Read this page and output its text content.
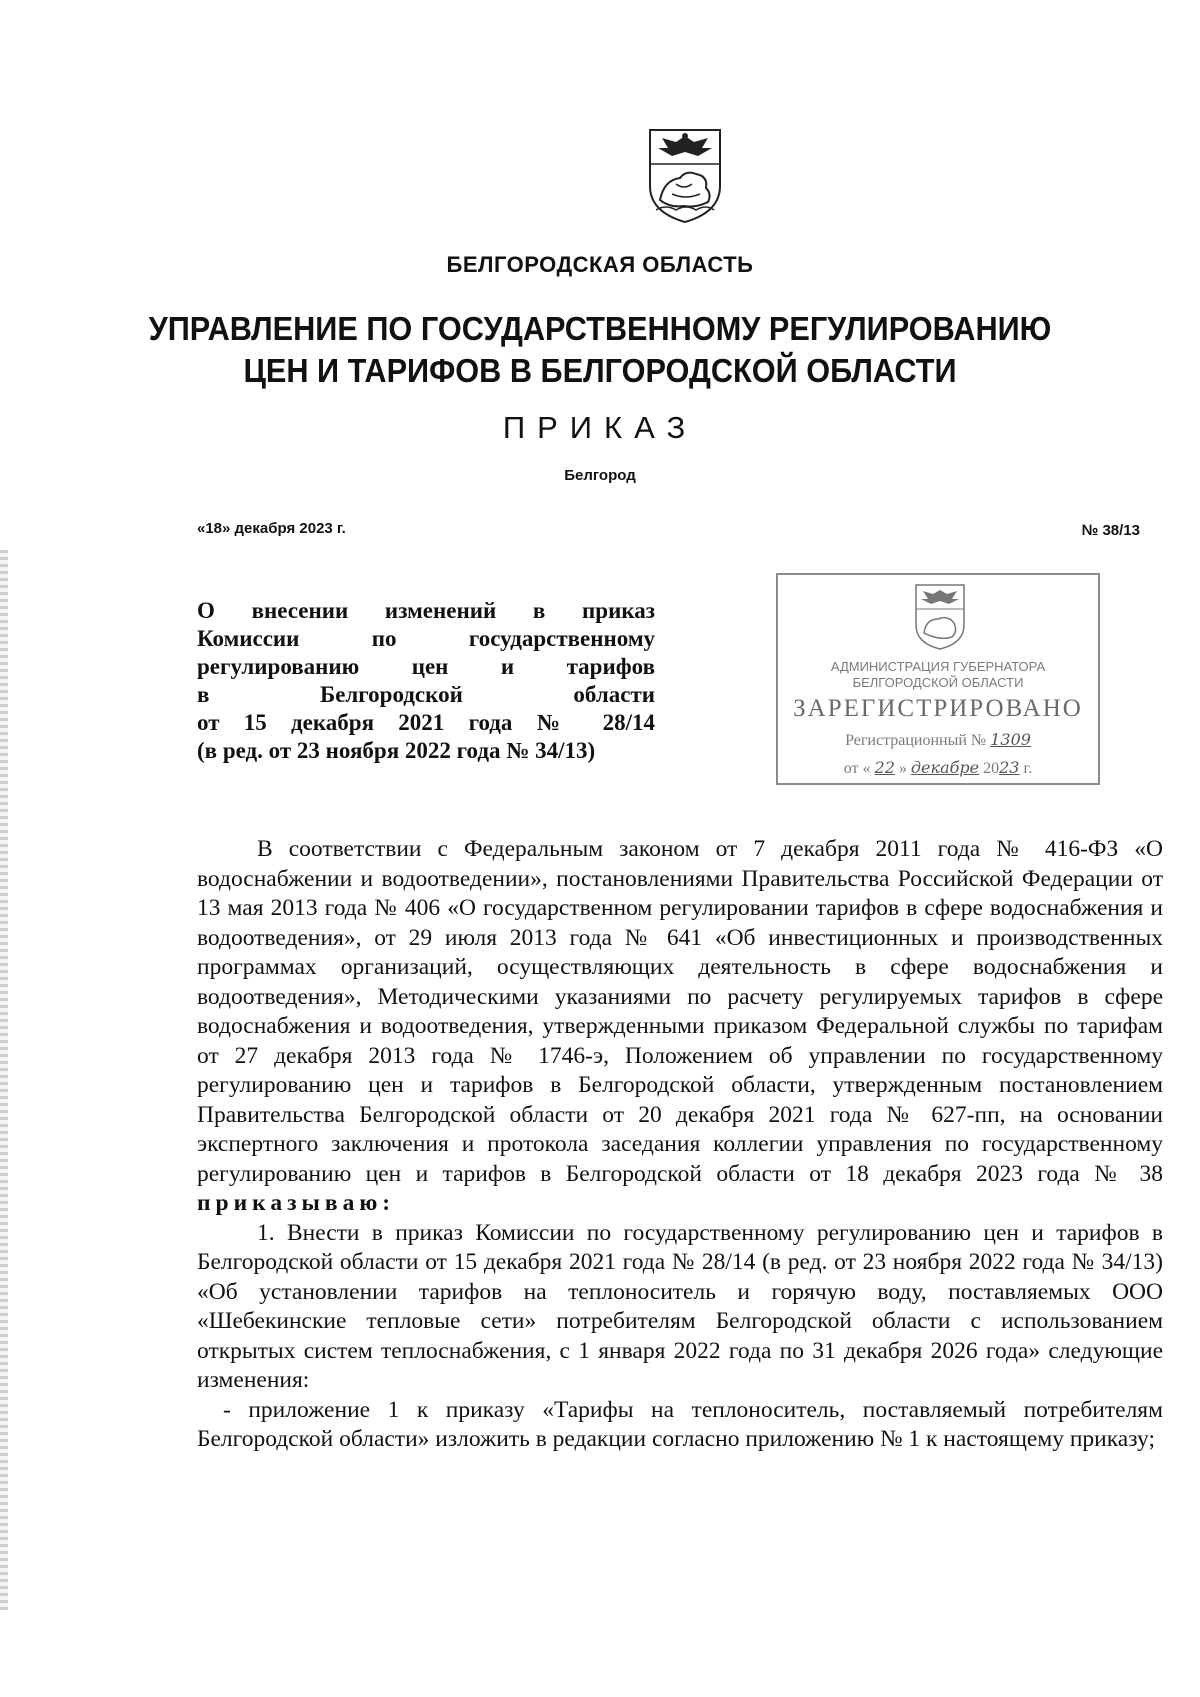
БЕЛГОРОДСКАЯ ОБЛАСТЬ
УПРАВЛЕНИЕ ПО ГОСУДАРСТВЕННОМУ РЕГУЛИРОВАНИЮ
ЦЕН И ТАРИФОВ В БЕЛГОРОДСКОЙ ОБЛАСТИ
ПРИКАЗ
Белгород
«18» декабря 2023 г.	№ 38/13
О внесении изменений в приказ
Комиссии по государственному
регулированию цен и тарифов
в Белгородской области
от 15 декабря 2021 года № 28/14
(в ред. от 23 ноября 2022 года № 34/13)
АДМИНИСТРАЦИЯ ГУБЕРНАТОРА
БЕЛГОРОДСКОЙ ОБЛАСТИ
ЗАРЕГИСТРИРОВАНО
Регистрационный № 1309
от « 22 » декабре 2023 г.

В соответствии с Федеральным законом от 7 декабря 2011 года № 416-ФЗ «О водоснабжении и водоотведении», постановлениями Правительства Российской Федерации от 13 мая 2013 года № 406 «О государственном регулировании тарифов в сфере водоснабжения и водоотведения», от 29 июля 2013 года № 641 «Об инвестиционных и производственных программах организаций, осуществляющих деятельность в сфере водоснабжения и водоотведения», Методическими указаниями по расчету регулируемых тарифов в сфере водоснабжения и водоотведения, утвержденными приказом Федеральной службы по тарифам от 27 декабря 2013 года № 1746-э, Положением об управлении по государственному регулированию цен и тарифов в Белгородской области, утвержденным постановлением Правительства Белгородской области от 20 декабря 2021 года № 627-пп, на основании экспертного заключения и протокола заседания коллегии управления по государственному регулированию цен и тарифов в Белгородской области от 18 декабря 2023 года № 38 приказываю:

1. Внести в приказ Комиссии по государственному регулированию цен и тарифов в Белгородской области от 15 декабря 2021 года № 28/14 (в ред. от 23 ноября 2022 года № 34/13) «Об установлении тарифов на теплоноситель и горячую воду, поставляемых ООО «Шебекинские тепловые сети» потребителям Белгородской области с использованием открытых систем теплоснабжения, с 1 января 2022 года по 31 декабря 2026 года» следующие изменения:

- приложение 1 к приказу «Тарифы на теплоноситель, поставляемый потребителям Белгородской области» изложить в редакции согласно приложению № 1 к настоящему приказу;
